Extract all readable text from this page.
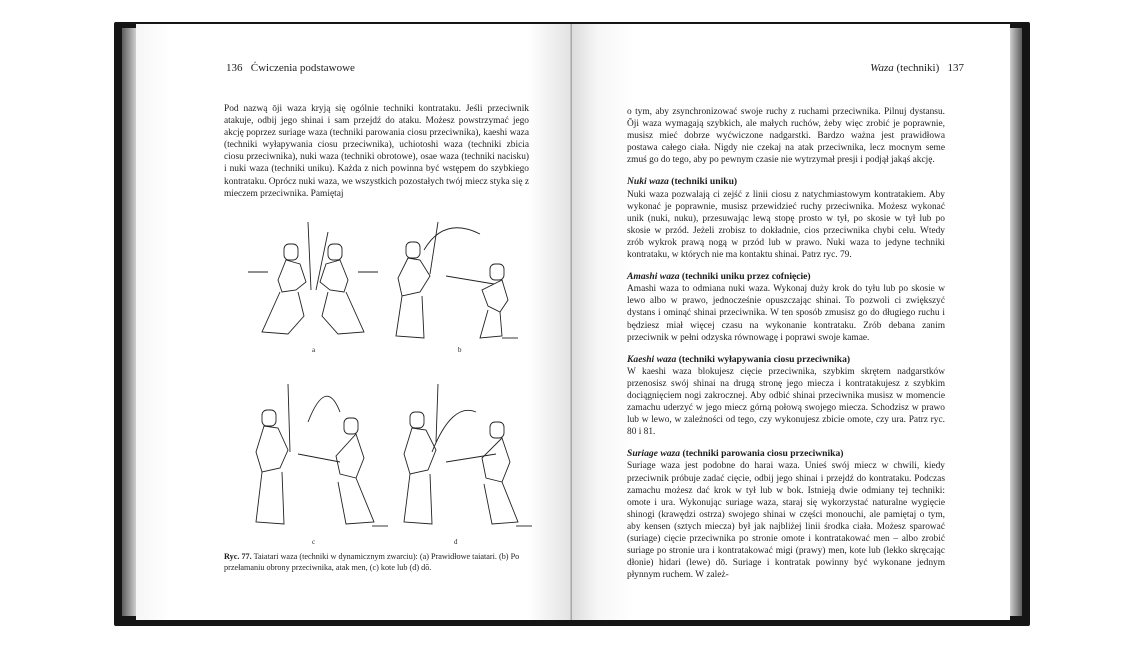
136 Ćwiczenia podstawowe

Pod nazwą ōji waza kryją się ogólnie techniki kontrataku. Jeśli przeciwnik atakuje, odbij jego shinai i sam przejdź do ataku. Możesz powstrzymać jego akcję poprzez suriage waza (techniki parowania ciosu przeciwnika), kaeshi waza (techniki wyłapywania ciosu przeciwnika), uchiotoshi waza (techniki zbicia ciosu przeciwnika), nuki waza (techniki obrotowe), osae waza (techniki nacisku) i nuki waza (techniki uniku). Każda z nich powinna być wstępem do szybkiego kontrataku. Oprócz nuki waza, we wszystkich pozostałych twój miecz styka się z mieczem przeciwnika. Pamiętaj

a	b
c	d
Ryc. 77. Taiatari waza (techniki w dynamicznym zwarciu): (a) Prawidłowe taiatari. (b) Po przełamaniu obrony przeciwnika, atak men, (c) kote lub (d) dō.
Waza (techniki) 137

o tym, aby zsynchronizować swoje ruchy z ruchami przeciwnika. Pilnuj dystansu. Ōji waza wymagają szybkich, ale małych ruchów, żeby więc zrobić je poprawnie, musisz mieć dobrze wyćwiczone nadgarstki. Bardzo ważna jest prawidłowa postawa całego ciała. Nigdy nie czekaj na atak przeciwnika, lecz mocnym seme zmuś go do tego, aby po pewnym czasie nie wytrzymał presji i podjął jakąś akcję.

Nuki waza (techniki uniku)

Nuki waza pozwalają ci zejść z linii ciosu z natychmiastowym kontratakiem. Aby wykonać je poprawnie, musisz przewidzieć ruchy przeciwnika. Możesz wykonać unik (nuki, nuku), przesuwając lewą stopę prosto w tył, po skosie w tył lub po skosie w przód. Jeżeli zrobisz to dokładnie, cios przeciwnika chybi celu. Wtedy zrób wykrok prawą nogą w przód lub w prawo. Nuki waza to jedyne techniki kontrataku, w których nie ma kontaktu shinai. Patrz ryc. 79.

Amashi waza (techniki uniku przez cofnięcie)

Amashi waza to odmiana nuki waza. Wykonaj duży krok do tyłu lub po skosie w lewo albo w prawo, jednocześnie opuszczając shinai. To pozwoli ci zwiększyć dystans i ominąć shinai przeciwnika. W ten sposób zmusisz go do długiego ruchu i będziesz miał więcej czasu na wykonanie kontrataku. Zrób debana zanim przeciwnik w pełni odzyska równowagę i poprawi swoje kamae.

Kaeshi waza (techniki wyłapywania ciosu przeciwnika)

W kaeshi waza blokujesz cięcie przeciwnika, szybkim skrętem nadgarstków przenosisz swój shinai na drugą stronę jego miecza i kontratakujesz z szybkim dociągnięciem nogi zakrocznej. Aby odbić shinai przeciwnika musisz w momencie zamachu uderzyć w jego miecz górną połową swojego miecza. Schodzisz w prawo lub w lewo, w zależności od tego, czy wykonujesz zbicie omote, czy ura. Patrz ryc. 80 i 81.

Suriage waza (techniki parowania ciosu przeciwnika)

Suriage waza jest podobne do harai waza. Unieś swój miecz w chwili, kiedy przeciwnik próbuje zadać cięcie, odbij jego shinai i przejdź do kontrataku. Podczas zamachu możesz dać krok w tył lub w bok. Istnieją dwie odmiany tej techniki: omote i ura. Wykonując suriage waza, staraj się wykorzystać naturalne wygięcie shinogi (krawędzi ostrza) swojego shinai w części monouchi, ale pamiętaj o tym, aby kensen (sztych miecza) był jak najbliżej linii środka ciała. Możesz sparować (suriage) cięcie przeciwnika po stronie omote i kontratakować men – albo zrobić suriage po stronie ura i kontratakować migi (prawy) men, kote lub (lekko skręcając dłonie) hidari (lewe) dō. Suriage i kontratak powinny być wykonane jednym płynnym ruchem. W zależ-
